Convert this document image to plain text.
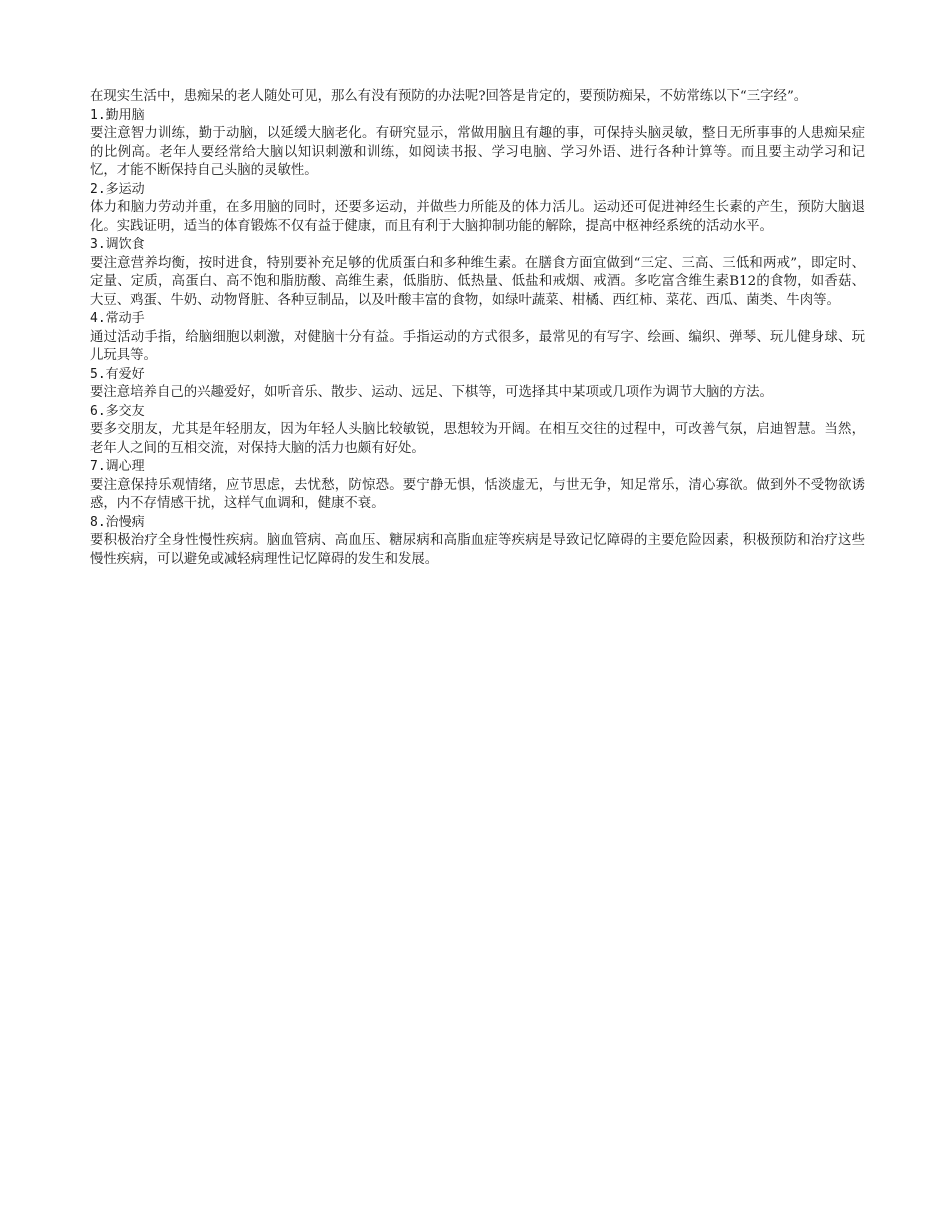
在现实生活中，患痴呆的老人随处可见，那么有没有预防的办法呢?回答是肯定的，要预防痴呆，不妨常练以下“三字经”。

1.勤用脑

要注意智力训练，勤于动脑，以延缓大脑老化。有研究显示，常做用脑且有趣的事，可保持头脑灵敏，整日无所事事的人患痴呆症的比例高。老年人要经常给大脑以知识刺激和训练，如阅读书报、学习电脑、学习外语、进行各种计算等。而且要主动学习和记忆，才能不断保持自己头脑的灵敏性。

2.多运动

体力和脑力劳动并重，在多用脑的同时，还要多运动，并做些力所能及的体力活儿。运动还可促进神经生长素的产生，预防大脑退化。实践证明，适当的体育锻炼不仅有益于健康，而且有利于大脑抑制功能的解除，提高中枢神经系统的活动水平。

3.调饮食

要注意营养均衡，按时进食，特别要补充足够的优质蛋白和多种维生素。在膳食方面宜做到“三定、三高、三低和两戒”，即定时、定量、定质，高蛋白、高不饱和脂肪酸、高维生素，低脂肪、低热量、低盐和戒烟、戒酒。多吃富含维生素B12的食物，如香菇、大豆、鸡蛋、牛奶、动物肾脏、各种豆制品，以及叶酸丰富的食物，如绿叶蔬菜、柑橘、西红柿、菜花、西瓜、菌类、牛肉等。

4.常动手

通过活动手指，给脑细胞以刺激，对健脑十分有益。手指运动的方式很多，最常见的有写字、绘画、编织、弹琴、玩儿健身球、玩儿玩具等。

5.有爱好

要注意培养自己的兴趣爱好，如听音乐、散步、运动、远足、下棋等，可选择其中某项或几项作为调节大脑的方法。

6.多交友

要多交朋友，尤其是年轻朋友，因为年轻人头脑比较敏锐，思想较为开阔。在相互交往的过程中，可改善气氛，启迪智慧。当然，老年人之间的互相交流，对保持大脑的活力也颇有好处。

7.调心理

要注意保持乐观情绪，应节思虑，去忧愁，防惊恐。要宁静无惧，恬淡虚无，与世无争，知足常乐，清心寡欲。做到外不受物欲诱惑，内不存情感干扰，这样气血调和，健康不衰。

8.治慢病

要积极治疗全身性慢性疾病。脑血管病、高血压、糖尿病和高脂血症等疾病是导致记忆障碍的主要危险因素，积极预防和治疗这些慢性疾病，可以避免或减轻病理性记忆障碍的发生和发展。
